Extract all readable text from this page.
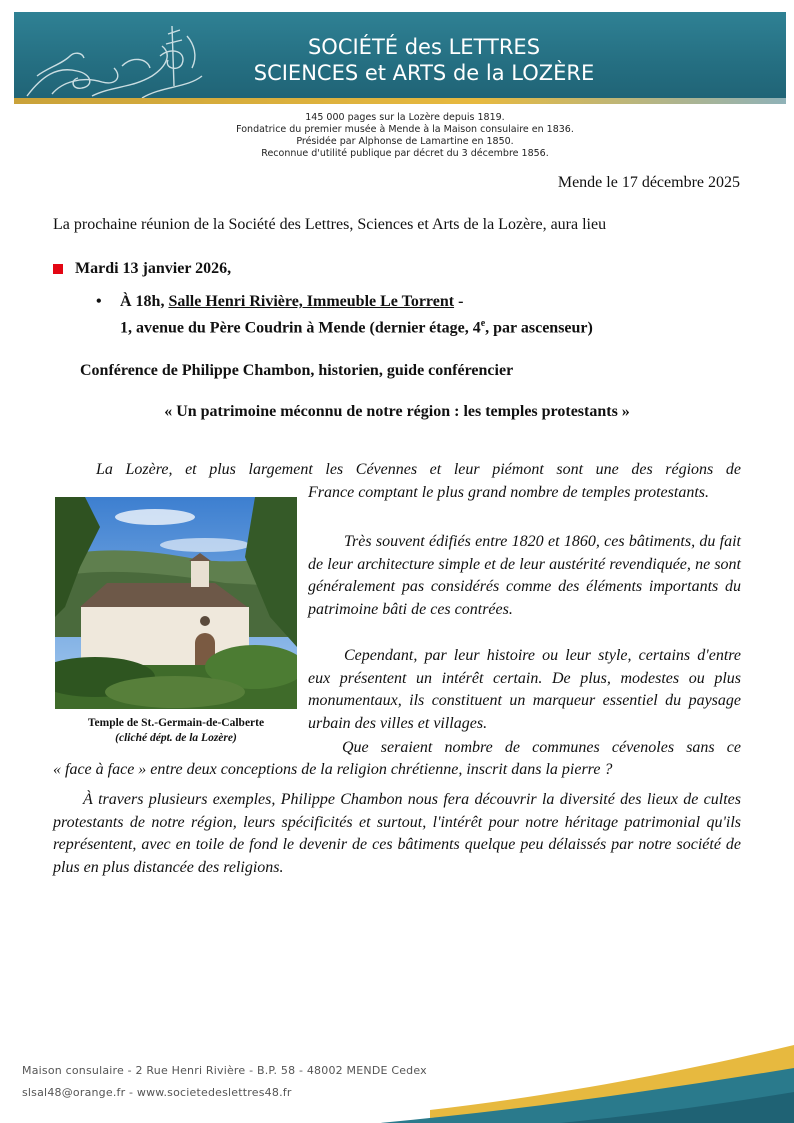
SOCIÉTÉ des LETTRES
SCIENCES et ARTS de la LOZÈRE
145 000 pages sur la Lozère depuis 1819.
Fondatrice du premier musée à Mende à la Maison consulaire en 1836.
Présidée par Alphonse de Lamartine en 1850.
Reconnue d'utilité publique par décret du 3 décembre 1856.
Mende le 17 décembre 2025
La prochaine réunion de la Société des Lettres, Sciences et Arts de la Lozère, aura lieu
Mardi 13 janvier 2026,
• À 18h, Salle Henri Rivière, Immeuble Le Torrent -
1, avenue du Père Coudrin à Mende (dernier étage, 4e, par ascenseur)
Conférence de Philippe Chambon, historien, guide conférencier
« Un patrimoine méconnu de notre région : les temples protestants »
La Lozère, et plus largement les Cévennes et leur piémont sont une des régions de
France comptant le plus grand nombre de temples protestants.
Très souvent édifiés entre 1820 et 1860, ces bâtiments, du fait de leur architecture simple et de leur austérité revendiquée, ne sont généralement pas considérés comme des éléments importants du patrimoine bâti de ces contrées.
Cependant, par leur histoire ou leur style, certains d'entre eux présentent un intérêt certain. De plus, modestes ou plus monumentaux, ils constituent un marqueur essentiel du paysage urbain des villes et villages.
Que seraient nombre de communes cévenoles sans ce
« face à face » entre deux conceptions de la religion chrétienne, inscrit dans la pierre ?
À travers plusieurs exemples, Philippe Chambon nous fera découvrir la diversité des lieux de cultes protestants de notre région, leurs spécificités et surtout, l'intérêt pour notre héritage patrimonial qu'ils représentent, avec en toile de fond le devenir de ces bâtiments quelque peu délaissés par notre société de plus en plus distancée des religions.
Temple de St.-Germain-de-Calberte
(cliché dépt. de la Lozère)
Maison consulaire - 2 Rue Henri Rivière - B.P. 58 - 48002 MENDE Cedex
slsal48@orange.fr - www.societedeslettres48.fr
